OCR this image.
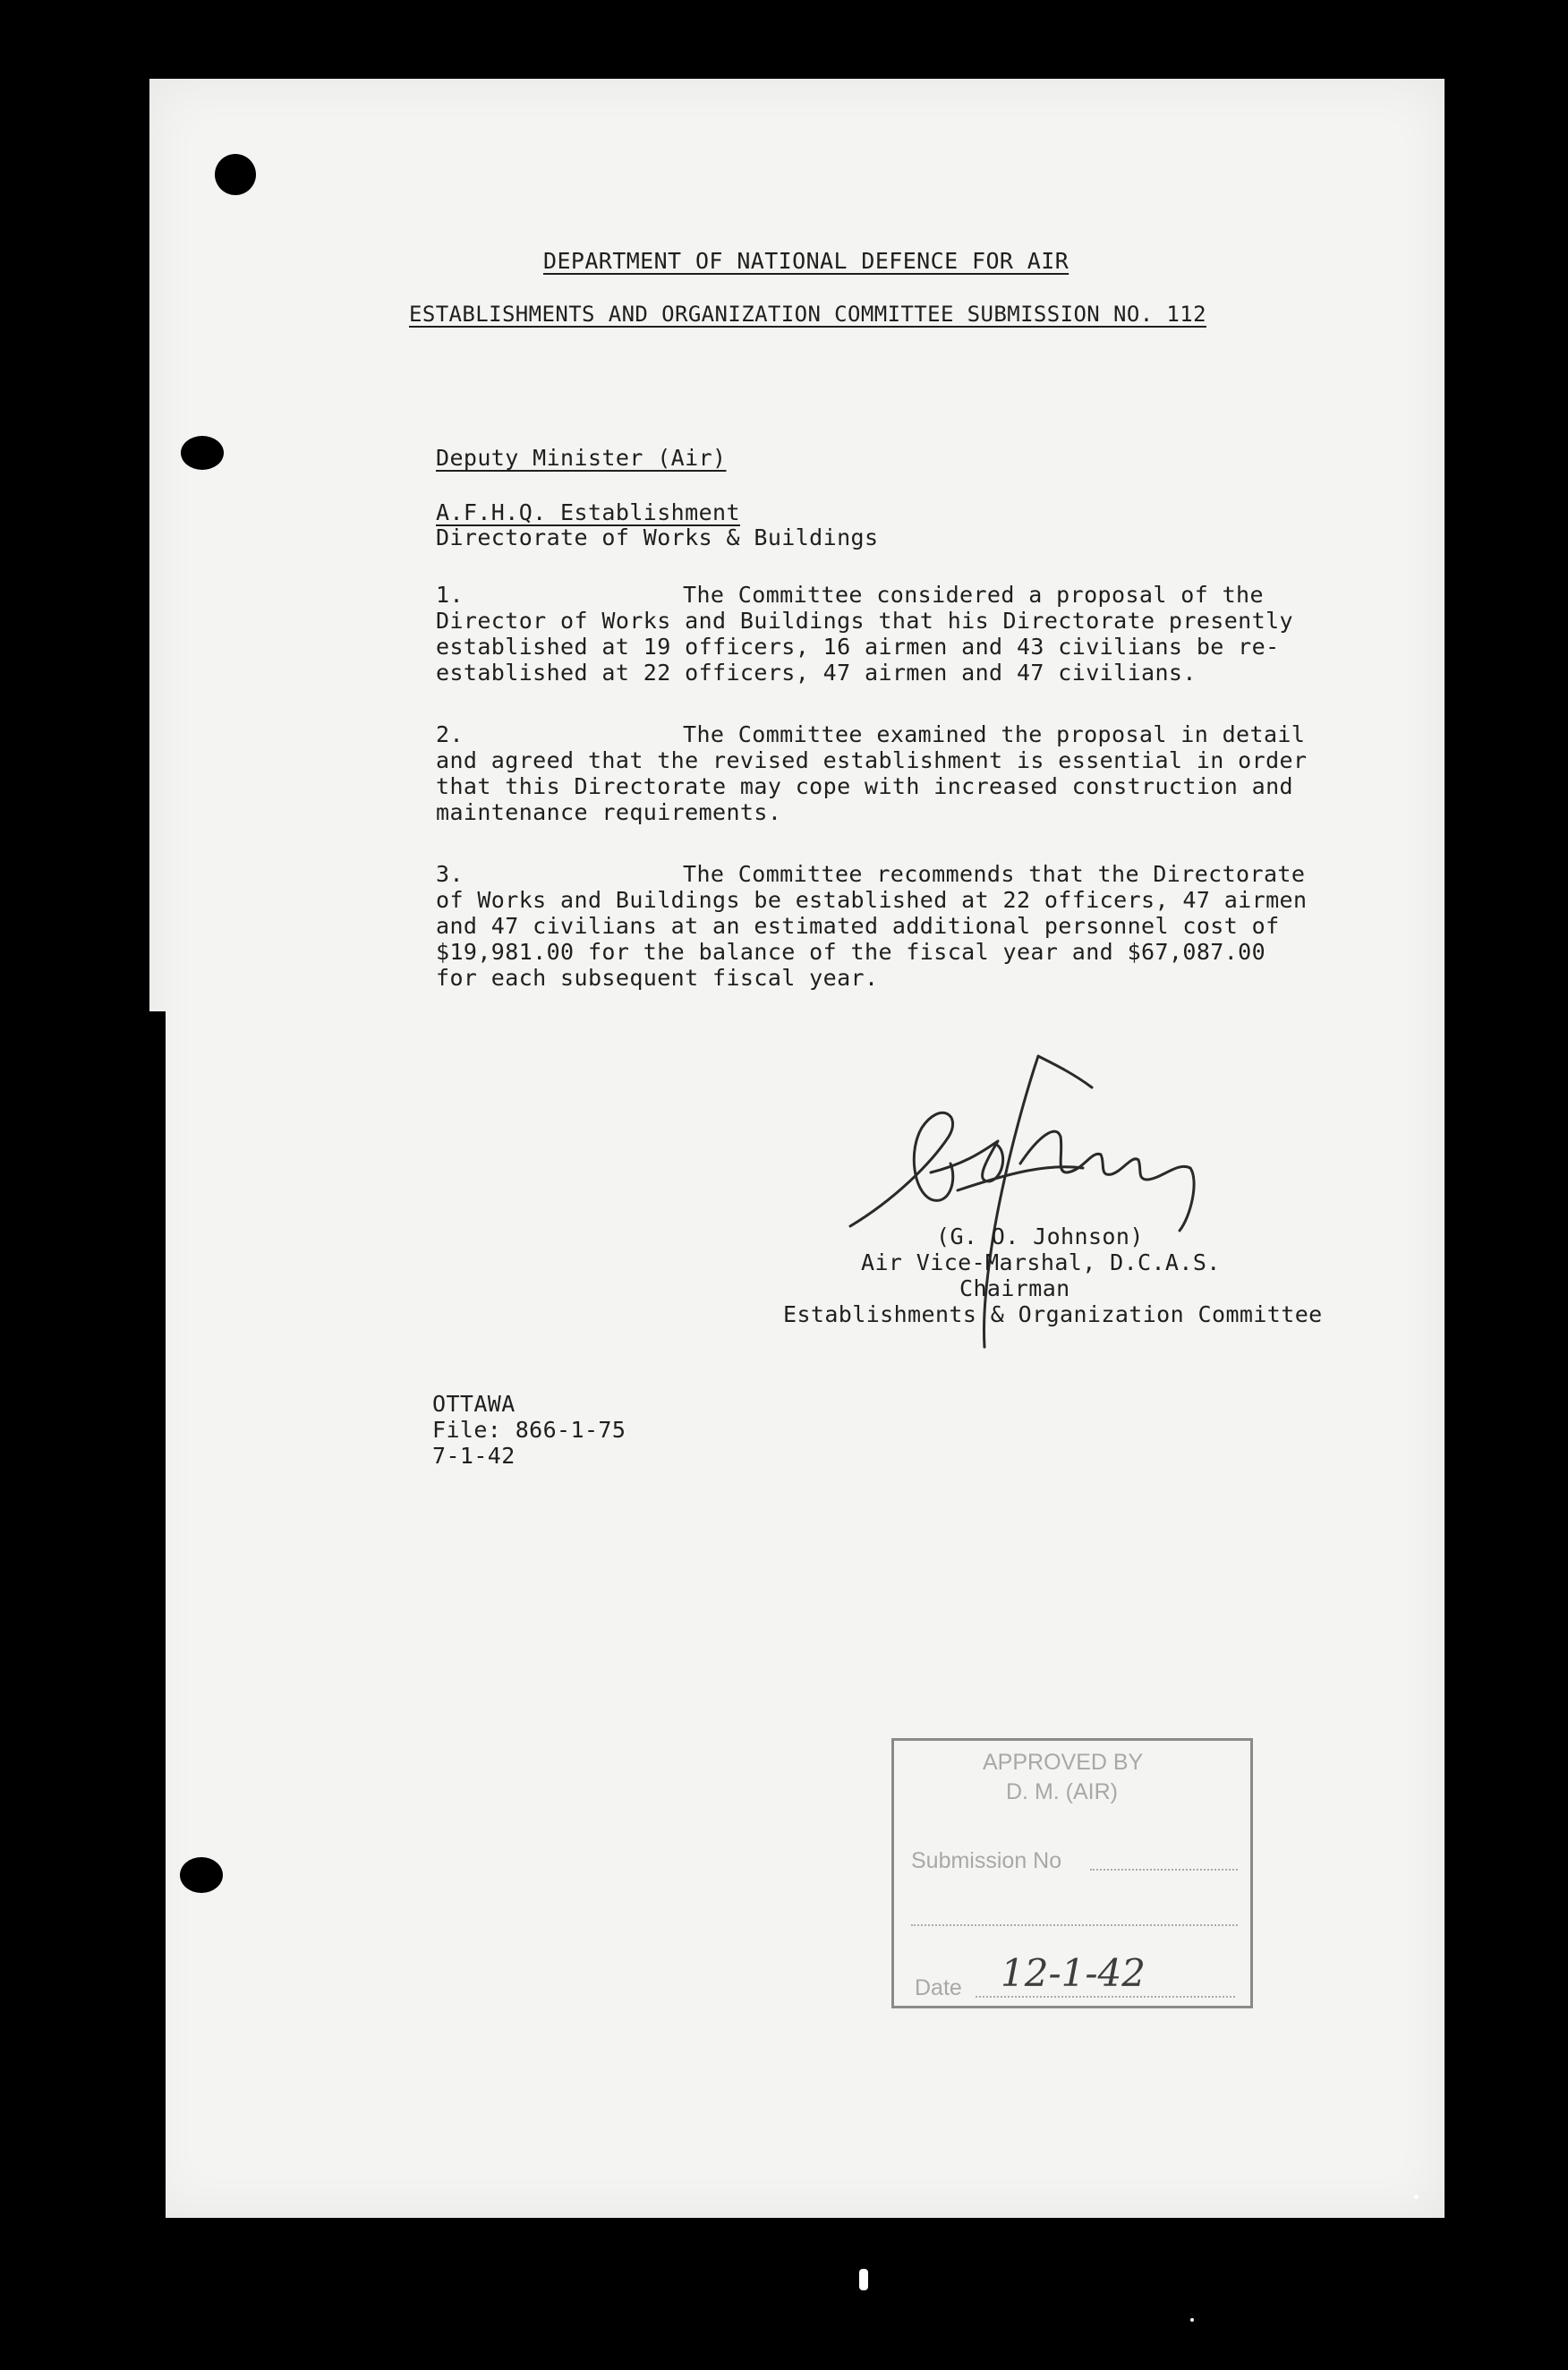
DEPARTMENT OF NATIONAL DEFENCE FOR AIR
ESTABLISHMENTS AND ORGANIZATION COMMITTEE SUBMISSION NO. 112
Deputy Minister (Air)
A.F.H.Q. Establishment
Directorate of Works & Buildings
1.	The Committee considered a proposal of the
Director of Works and Buildings that his Directorate presently
established at 19 officers, 16 airmen and 43 civilians be re-
established at 22 officers, 47 airmen and 47 civilians.
2.	The Committee examined the proposal in detail
and agreed that the revised establishment is essential in order
that this Directorate may cope with increased construction and
maintenance requirements.
3.	The Committee recommends that the Directorate
of Works and Buildings be established at 22 officers, 47 airmen
and 47 civilians at an estimated additional personnel cost of
$19,981.00 for the balance of the fiscal year and $67,087.00
for each subsequent fiscal year.
(G. O. Johnson)
Air Vice-Marshal, D.C.A.S.
Chairman
Establishments & Organization Committee
OTTAWA
File: 866-1-75
7-1-42
APPROVED BY
D. M. (AIR)
Submission No
Date 12-1-42
